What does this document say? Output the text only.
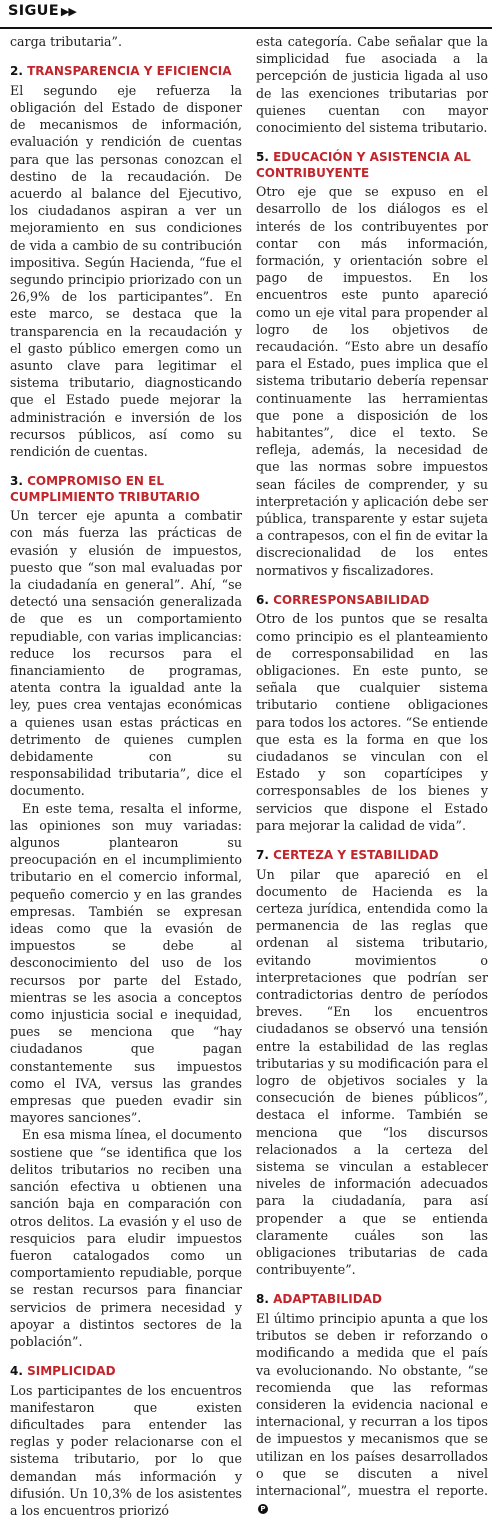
SIGUE ▶▶

carga tributaria”.

2. TRANSPARENCIA Y EFICIENCIA

El segundo eje refuerza la obligación del Estado de disponer de mecanismos de información, evaluación y rendición de cuentas para que las personas conozcan el destino de la recaudación. De acuerdo al balance del Ejecutivo, los ciudadanos aspiran a ver un mejoramiento en sus condiciones de vida a cambio de su contribución impositiva. Según Hacienda, “fue el segundo principio priorizado con un 26,9% de los participantes”. En este marco, se destaca que la transparencia en la recaudación y el gasto público emergen como un asunto clave para legitimar el sistema tributario, diagnosticando que el Estado puede mejorar la administración e inversión de los recursos públicos, así como su rendición de cuentas.

3. COMPROMISO EN EL CUMPLIMIENTO TRIBUTARIO

Un tercer eje apunta a combatir con más fuerza las prácticas de evasión y elusión de impuestos, puesto que “son mal evaluadas por la ciudadanía en general”. Ahí, “se detectó una sensación generalizada de que es un comportamiento repudiable, con varias implicancias: reduce los recursos para el financiamiento de programas, atenta contra la igualdad ante la ley, pues crea ventajas económicas a quienes usan estas prácticas en detrimento de quienes cumplen debidamente con su responsabilidad tributaria”, dice el documento.

En este tema, resalta el informe, las opiniones son muy variadas: algunos plantearon su preocupación en el incumplimiento tributario en el comercio informal, pequeño comercio y en las grandes empresas. También se expresan ideas como que la evasión de impuestos se debe al desconocimiento del uso de los recursos por parte del Estado, mientras se les asocia a conceptos como injusticia social e inequidad, pues se menciona que “hay ciudadanos que pagan constantemente sus impuestos como el IVA, versus las grandes empresas que pueden evadir sin mayores sanciones”.

En esa misma línea, el documento sostiene que “se identifica que los delitos tributarios no reciben una sanción efectiva u obtienen una sanción baja en comparación con otros delitos. La evasión y el uso de resquicios para eludir impuestos fueron catalogados como un comportamiento repudiable, porque se restan recursos para financiar servicios de primera necesidad y apoyar a distintos sectores de la población”.

4. SIMPLICIDAD

Los participantes de los encuentros manifestaron que existen dificultades para entender las reglas y poder relacionarse con el sistema tributario, por lo que demandan más información y difusión. Un 10,3% de los asistentes a los encuentros priorizó

esta categoría. Cabe señalar que la simplicidad fue asociada a la percepción de justicia ligada al uso de las exenciones tributarias por quienes cuentan con mayor conocimiento del sistema tributario.

5. EDUCACIÓN Y ASISTENCIA AL CONTRIBUYENTE

Otro eje que se expuso en el desarrollo de los diálogos es el interés de los contribuyentes por contar con más información, formación, y orientación sobre el pago de impuestos. En los encuentros este punto apareció como un eje vital para propender al logro de los objetivos de recaudación. “Esto abre un desafío para el Estado, pues implica que el sistema tributario debería repensar continuamente las herramientas que pone a disposición de los habitantes”, dice el texto. Se refleja, además, la necesidad de que las normas sobre impuestos sean fáciles de comprender, y su interpretación y aplicación debe ser pública, transparente y estar sujeta a contrapesos, con el fin de evitar la discrecionalidad de los entes normativos y fiscalizadores.

6. CORRESPONSABILIDAD

Otro de los puntos que se resalta como principio es el planteamiento de corresponsabilidad en las obligaciones. En este punto, se señala que cualquier sistema tributario contiene obligaciones para todos los actores. “Se entiende que esta es la forma en que los ciudadanos se vinculan con el Estado y son copartícipes y corresponsables de los bienes y servicios que dispone el Estado para mejorar la calidad de vida”.

7. CERTEZA Y ESTABILIDAD

Un pilar que apareció en el documento de Hacienda es la certeza jurídica, entendida como la permanencia de las reglas que ordenan al sistema tributario, evitando movimientos o interpretaciones que podrían ser contradictorias dentro de períodos breves. “En los encuentros ciudadanos se observó una tensión entre la estabilidad de las reglas tributarias y su modificación para el logro de objetivos sociales y la consecución de bienes públicos”, destaca el informe. También se menciona que “los discursos relacionados a la certeza del sistema se vinculan a establecer niveles de información adecuados para la ciudadanía, para así propender a que se entienda claramente cuáles son las obligaciones tributarias de cada contribuyente”.

8. ADAPTABILIDAD

El último principio apunta a que los tributos se deben ir reforzando o modificando a medida que el país va evolucionando. No obstante, “se recomienda que las reformas consideren la evidencia nacional e internacional, y recurran a los tipos de impuestos y mecanismos que se utilizan en los países desarrollados o que se discuten a nivel internacional”, muestra el reporte.P
